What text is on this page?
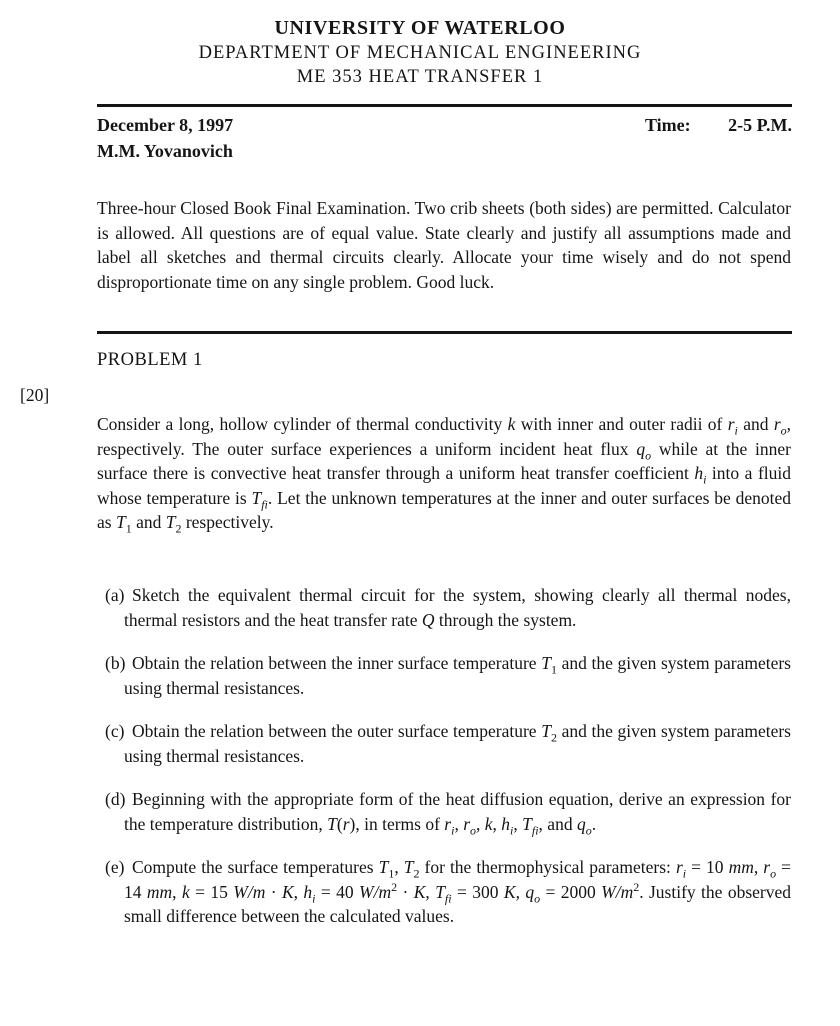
UNIVERSITY OF WATERLOO
DEPARTMENT OF MECHANICAL ENGINEERING
ME 353 HEAT TRANSFER 1
December 8, 1997	Time: 2-5 P.M.
M.M. Yovanovich

Three-hour Closed Book Final Examination. Two crib sheets (both sides) are permitted. Calculator is allowed. All questions are of equal value. State clearly and justify all assumptions made and label all sketches and thermal circuits clearly. Allocate your time wisely and do not spend disproportionate time on any single problem. Good luck.

PROBLEM 1
[20]

Consider a long, hollow cylinder of thermal conductivity k with inner and outer radii of $r_i$ and $r_o$, respectively. The outer surface experiences a uniform incident heat flux $q_o$ while at the inner surface there is convective heat transfer through a uniform heat transfer coefficient $h_i$ into a fluid whose temperature is $T_{fi}$. Let the unknown temperatures at the inner and outer surfaces be denoted as $T_1$ and $T_2$ respectively.

(a) Sketch the equivalent thermal circuit for the system, showing clearly all thermal nodes, thermal resistors and the heat transfer rate Q through the system.

(b) Obtain the relation between the inner surface temperature $T_1$ and the given system parameters using thermal resistances.

(c) Obtain the relation between the outer surface temperature $T_2$ and the given system parameters using thermal resistances.

(d) Beginning with the appropriate form of the heat diffusion equation, derive an expression for the temperature distribution, T(r), in terms of $r_i$, $r_o$, k, $h_i$, $T_{fi}$, and $q_o$.

(e) Compute the surface temperatures $T_1$, $T_2$ for the thermophysical parameters: $r_i = 10$ mm, $r_o = 14$ mm, k = 15 W/m · K, $h_i = 40$ $W/m^2 \cdot K$, $T_{fi} = 300$ K, $q_o = 2000$ $W/m^2$. Justify the observed small difference between the calculated values.
